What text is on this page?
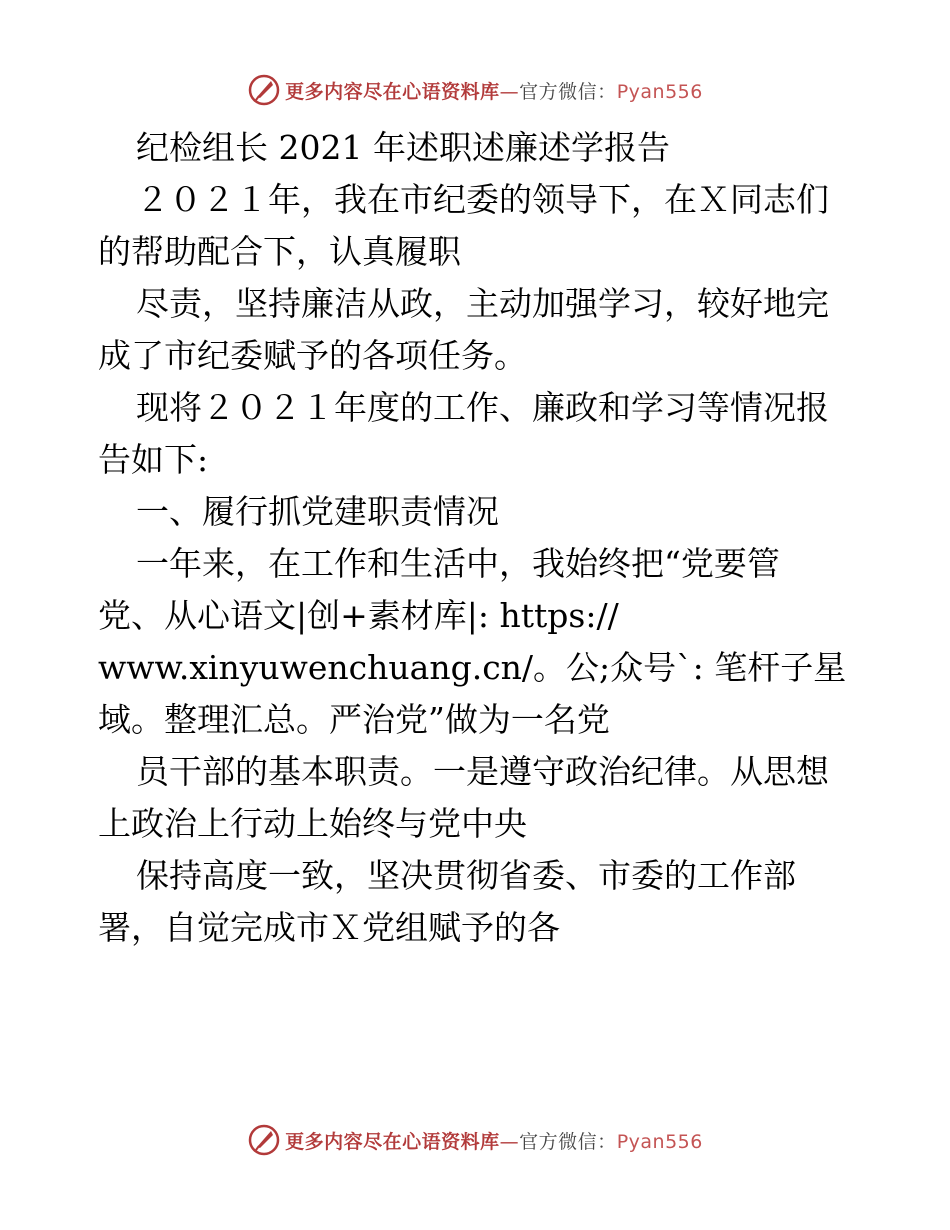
更多内容尽在心语资料库—官方微信：Pyan556

纪检组长 2021 年述职述廉述学报告

２０２１年，我在市纪委的领导下，在Ｘ同志们

的帮助配合下，认真履职

尽责，坚持廉洁从政，主动加强学习，较好地完

成了市纪委赋予的各项任务。

现将２０２１年度的工作、廉政和学习等情况报

告如下:

一、履行抓党建职责情况

一年来，在工作和生活中，我始终把“党要管

党、从心语文|创+素材库|: https://

www.xinyuwenchuang.cn/。公;众号`: 笔杆子星

域。整理汇总。严治党”做为一名党

员干部的基本职责。一是遵守政治纪律。从思想

上政治上行动上始终与党中央

保持高度一致，坚决贯彻省委、市委的工作部

署，自觉完成市Ｘ党组赋予的各

更多内容尽在心语资料库—官方微信：Pyan556
